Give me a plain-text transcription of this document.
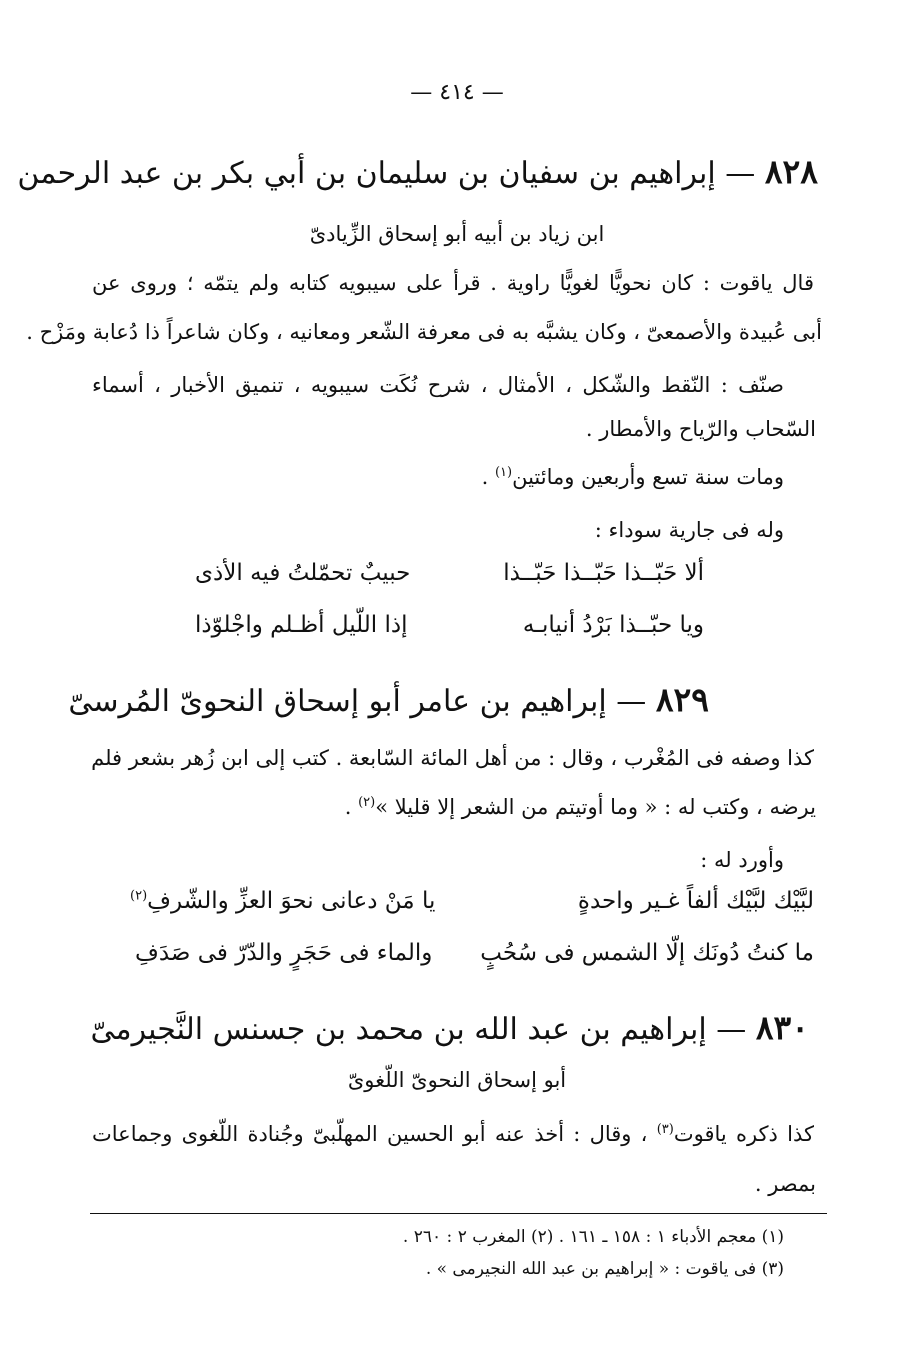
— ٤١٤ —
٨٢٨ — إبراهيم بن سفيان بن سليمان بن أبي بكر بن عبد الرحمن
ابن زياد بن أبيه أبو إسحاق الزِّيادىّ
قال ياقوت : كان نحويًّا لغويًّا راوية . قرأ على سيبويه كتابه ولم يتمّه ؛ وروى عن
أبى عُبيدة والأصمعىّ ، وكان يشبَّه به فى معرفة الشّعر ومعانيه ، وكان شاعراً ذا دُعابة ومَزْح .
صنّف : النّقط والشّكل ، الأمثال ، شرح نُكَت سيبويه ، تنميق الأخبار ، أسماء
السّحاب والرّياح والأمطار .
ومات سنة تسع وأربعين ومائتين$^{(١)}$ .
وله فى جارية سوداء :
ألا حَبّــذا حَبّــذا حَبّــذا
حبيبٌ تحمّلتُ فيه الأذى
ويا حبّــذا بَرْدُ أنيابـه
إذا اللّيل أظـلم واجْلوّذا
٨٢٩ — إبراهيم بن عامر أبو إسحاق النحوىّ المُرسىّ
كذا وصفه فى المُغْرب ، وقال : من أهل المائة السّابعة . كتب إلى ابن زُهر بشعر فلم
يرضه ، وكتب له : « وما أوتيتم من الشعر إلا قليلا »$^{(٢)}$ .
وأورد له :
لبَّيْك لبَّيْك ألفاً غـير واحدةٍ
يا مَنْ دعانى نحوَ العزِّ والشّرفِ$^{(٢)}$
ما كنتُ دُونَك إلّا الشمس فى سُحُبٍ
والماء فى حَجَرٍ والدّرّ فى صَدَفِ
٨٣٠ — إبراهيم بن عبد الله بن محمد بن جسنس النَّجيرمىّ
أبو إسحاق النحوىّ اللّغوىّ
كذا ذكره ياقوت$^{(٣)}$ ، وقال : أخذ عنه أبو الحسين المهلّبىّ وجُنادة اللّغوى وجماعات
بمصر .
(١) معجم الأدباء ١ : ١٥٨ ـ ١٦١ . (٢) المغرب ٢ : ٢٦٠ .
(٣) فى ياقوت : « إبراهيم بن عبد الله النجيرمى » .
